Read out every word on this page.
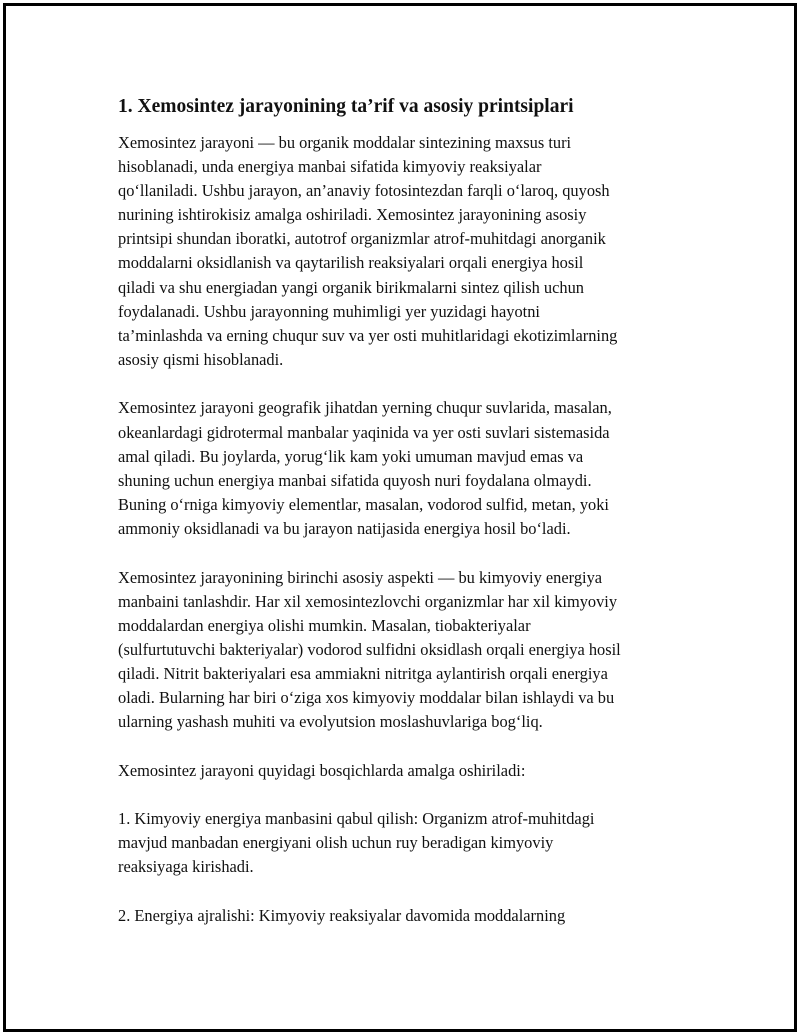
1. Xemosintez jarayonining ta’rif va asosiy printsiplari

Xemosintez jarayoni — bu organik moddalar sintezining maxsus turi
hisoblanadi, unda energiya manbai sifatida kimyoviy reaksiyalar
qo‘llaniladi. Ushbu jarayon, an’anaviy fotosintezdan farqli o‘laroq, quyosh
nurining ishtirokisiz amalga oshiriladi. Xemosintez jarayonining asosiy
printsipi shundan iboratki, autotrof organizmlar atrof-muhitdagi anorganik
moddalarni oksidlanish va qaytarilish reaksiyalari orqali energiya hosil
qiladi va shu energiadan yangi organik birikmalarni sintez qilish uchun
foydalanadi. Ushbu jarayonning muhimligi yer yuzidagi hayotni
ta’minlashda va erning chuqur suv va yer osti muhitlaridagi ekotizimlarning
asosiy qismi hisoblanadi.

Xemosintez jarayoni geografik jihatdan yerning chuqur suvlarida, masalan,
okeanlardagi gidrotermal manbalar yaqinida va yer osti suvlari sistemasida
amal qiladi. Bu joylarda, yorug‘lik kam yoki umuman mavjud emas va
shuning uchun energiya manbai sifatida quyosh nuri foydalana olmaydi.
Buning o‘rniga kimyoviy elementlar, masalan, vodorod sulfid, metan, yoki
ammoniy oksidlanadi va bu jarayon natijasida energiya hosil bo‘ladi.

Xemosintez jarayonining birinchi asosiy aspekti — bu kimyoviy energiya
manbaini tanlashdir. Har xil xemosintezlovchi organizmlar har xil kimyoviy
moddalardan energiya olishi mumkin. Masalan, tiobakteriyalar
(sulfurtutuvchi bakteriyalar) vodorod sulfidni oksidlash orqali energiya hosil
qiladi. Nitrit bakteriyalari esa ammiakni nitritga aylantirish orqali energiya
oladi. Bularning har biri o‘ziga xos kimyoviy moddalar bilan ishlaydi va bu
ularning yashash muhiti va evolyutsion moslashuvlariga bog‘liq.

Xemosintez jarayoni quyidagi bosqichlarda amalga oshiriladi:

1. Kimyoviy energiya manbasini qabul qilish: Organizm atrof-muhitdagi
mavjud manbadan energiyani olish uchun ruy beradigan kimyoviy
reaksiyaga kirishadi.

2. Energiya ajralishi: Kimyoviy reaksiyalar davomida moddalarning
